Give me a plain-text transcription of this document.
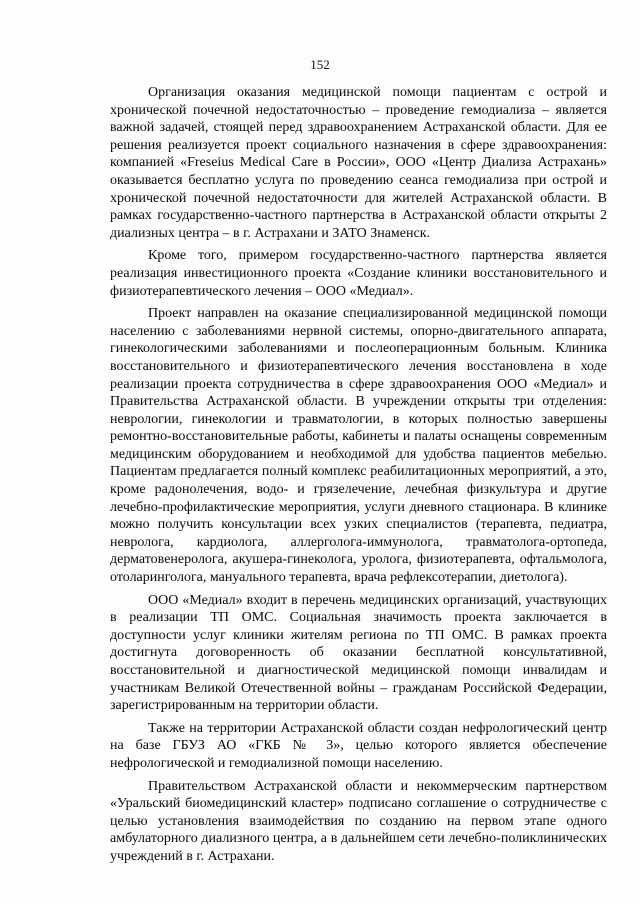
152

Организация оказания медицинской помощи пациентам с острой и хронической почечной недостаточностью – проведение гемодиализа – является важной задачей, стоящей перед здравоохранением Астраханской области. Для ее решения реализуется проект социального назначения в сфере здравоохранения: компанией «Freseius Medical Care в России», ООО «Центр Диализа Астрахань» оказывается бесплатно услуга по проведению сеанса гемодиализа при острой и хронической почечной недостаточности для жителей Астраханской области. В рамках государственно-частного партнерства в Астраханской области открыты 2 диализных центра – в г. Астрахани и ЗАТО Знаменск.

Кроме того, примером государственно-частного партнерства является реализация инвестиционного проекта «Создание клиники восстановительного и физиотерапевтического лечения – ООО «Медиал».

Проект направлен на оказание специализированной медицинской помощи населению с заболеваниями нервной системы, опорно-двигательного аппарата, гинекологическими заболеваниями и послеоперационным больным. Клиника восстановительного и физиотерапевтического лечения восстановлена в ходе реализации проекта сотрудничества в сфере здравоохранения ООО «Медиал» и Правительства Астраханской области. В учреждении открыты три отделения: неврологии, гинекологии и травматологии, в которых полностью завершены ремонтно-восстановительные работы, кабинеты и палаты оснащены современным медицинским оборудованием и необходимой для удобства пациентов мебелью. Пациентам предлагается полный комплекс реабилитационных мероприятий, а это, кроме радонолечения, водо- и грязелечение, лечебная физкультура и другие лечебно-профилактические мероприятия, услуги дневного стационара. В клинике можно получить консультации всех узких специалистов (терапевта, педиатра, невролога, кардиолога, аллерголога-иммунолога, травматолога-ортопеда, дерматовенеролога, акушера-гинеколога, уролога, физиотерапевта, офтальмолога, отоларинголога, мануального терапевта, врача рефлексотерапии, диетолога).

ООО «Медиал» входит в перечень медицинских организаций, участвующих в реализации ТП ОМС. Социальная значимость проекта заключается в доступности услуг клиники жителям региона по ТП ОМС. В рамках проекта достигнута договоренность об оказании бесплатной консультативной, восстановительной и диагностической медицинской помощи инвалидам и участникам Великой Отечественной войны – гражданам Российской Федерации, зарегистрированным на территории области.

Также на территории Астраханской области создан нефрологический центр на базе ГБУЗ АО «ГКБ № 3», целью которого является обеспечение нефрологической и гемодиализной помощи населению.

Правительством Астраханской области и некоммерческим партнерством «Уральский биомедицинский кластер» подписано соглашение о сотрудничестве с целью установления взаимодействия по созданию на первом этапе одного амбулаторного диализного центра, а в дальнейшем сети лечебно-поликлинических учреждений в г. Астрахани.
